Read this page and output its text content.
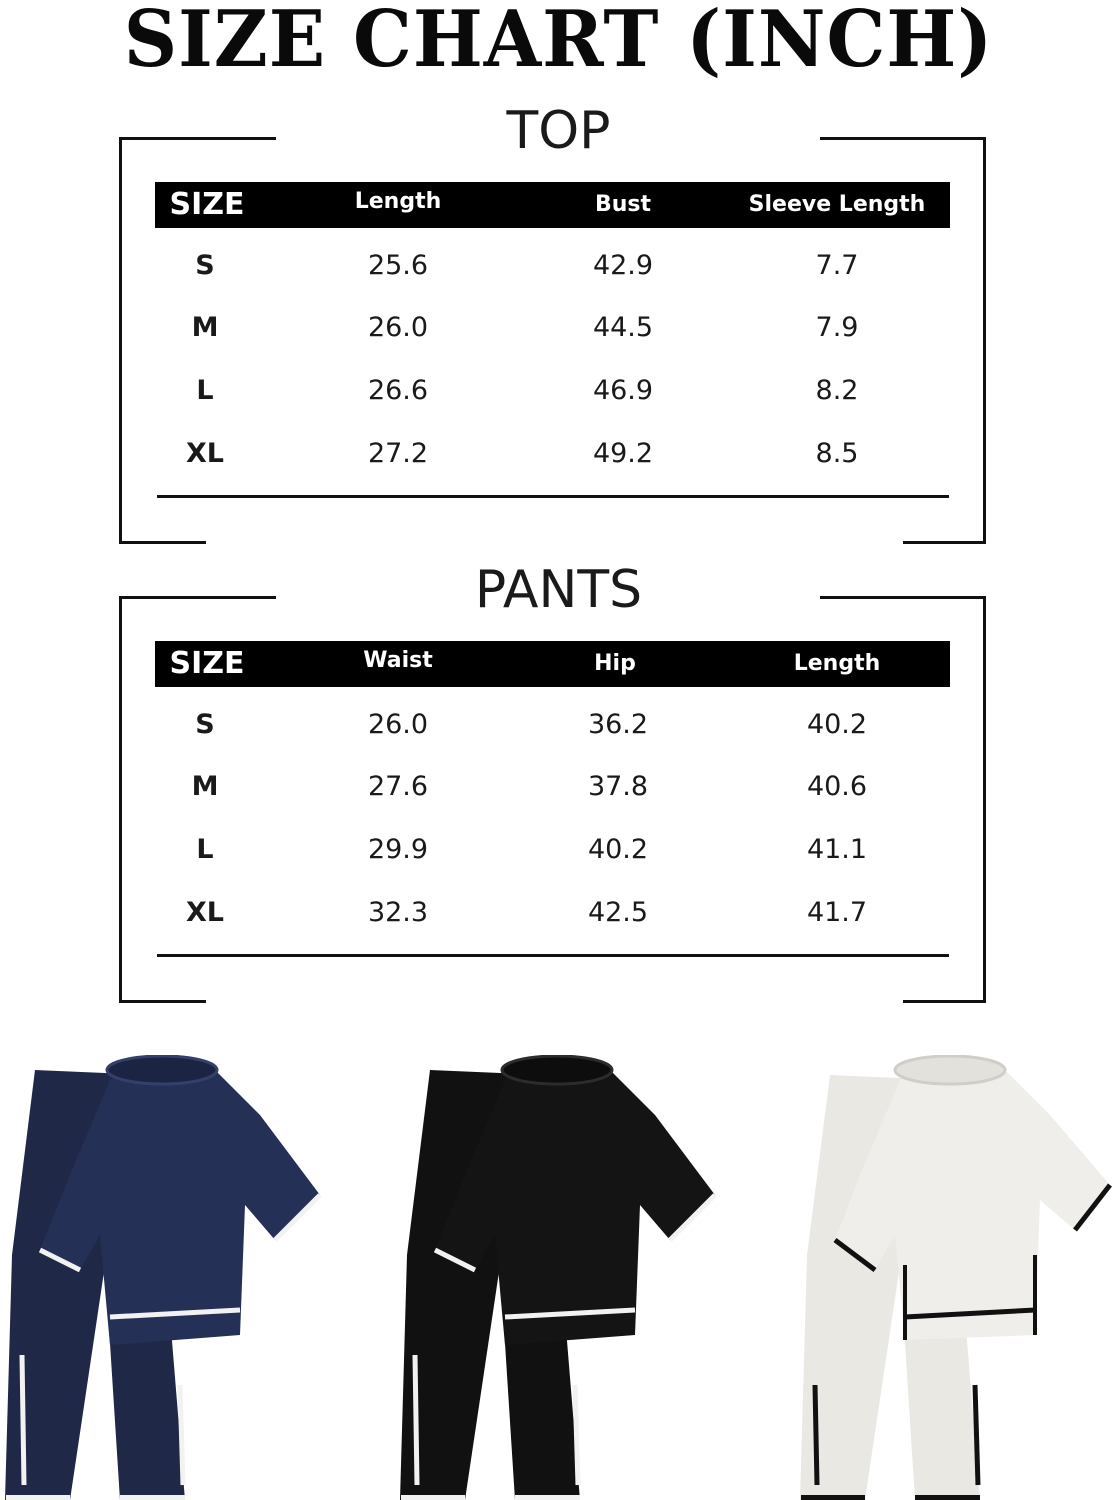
SIZE CHART (INCH)
TOP
SIZE	Length	Bust	Sleeve Length
S	25.6	42.9	7.7
M	26.0	44.5	7.9
L	26.6	46.9	8.2
XL	27.2	49.2	8.5
PANTS
SIZE	Waist	Hip	Length
S	26.0	36.2	40.2
M	27.6	37.8	40.6
L	29.9	40.2	41.1
XL	32.3	42.5	41.7
